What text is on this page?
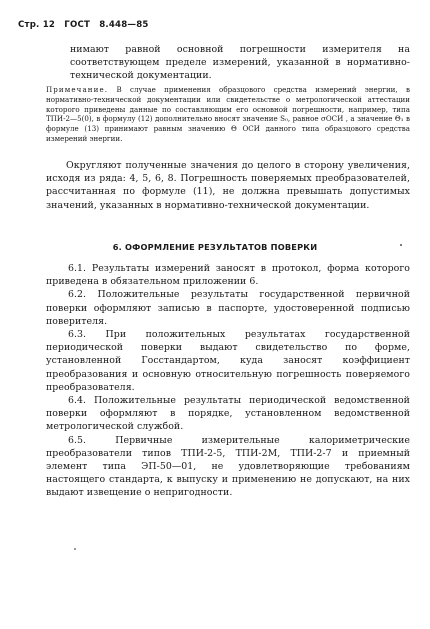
Стр. 12 ГОСТ 8.448—85
нимают равной основной погрешности измерителя на соответствующем пределе измерений, указанной в нормативно-технической документации.
Примечание. В случае применения образцового средства измерений энергии, в нормативно-технической документации или свидетельстве о метрологической аттестации которого приведены данные по составляющим его основной погрешности, например, типа ТПИ-2—5(0), в формулу (12) дополнительно вносят значение S₀, равное σОСИ , а значение Θ₁ в формуле (13) принимают равным значению Θ ОСИ данного типа образцового средства измерений энергии.
Округляют полученные значения до целого в сторону увеличения, исходя из ряда: 4, 5, 6, 8. Погрешность поверяемых преобразователей, рассчитанная по формуле (11), не должна превышать допустимых значений, указанных в нормативно-технической документации.
6. ОФОРМЛЕНИЕ РЕЗУЛЬТАТОВ ПОВЕРКИ

6.1. Результаты измерений заносят в протокол, форма которого приведена в обязательном приложении 6.

6.2. Положительные результаты государственной первичной поверки оформляют записью в паспорте, удостоверенной подписью поверителя.

6.3. При положительных результатах государственной периодической поверки выдают свидетельство по форме, установленной Госстандартом, куда заносят коэффициент преобразования и основную относительную погрешность поверяемого преобразователя.

6.4. Положительные результаты периодической ведомственной поверки оформляют в порядке, установленном ведомственной метрологической службой.

6.5. Первичные измерительные калориметрические преобразователи типов ТПИ-2-5, ТПИ-2М, ТПИ-2-7 и приемный элемент типа ЭП-50—01, не удовлетворяющие требованиям настоящего стандарта, к выпуску и применению не допускают, на них выдают извещение о непригодности.
